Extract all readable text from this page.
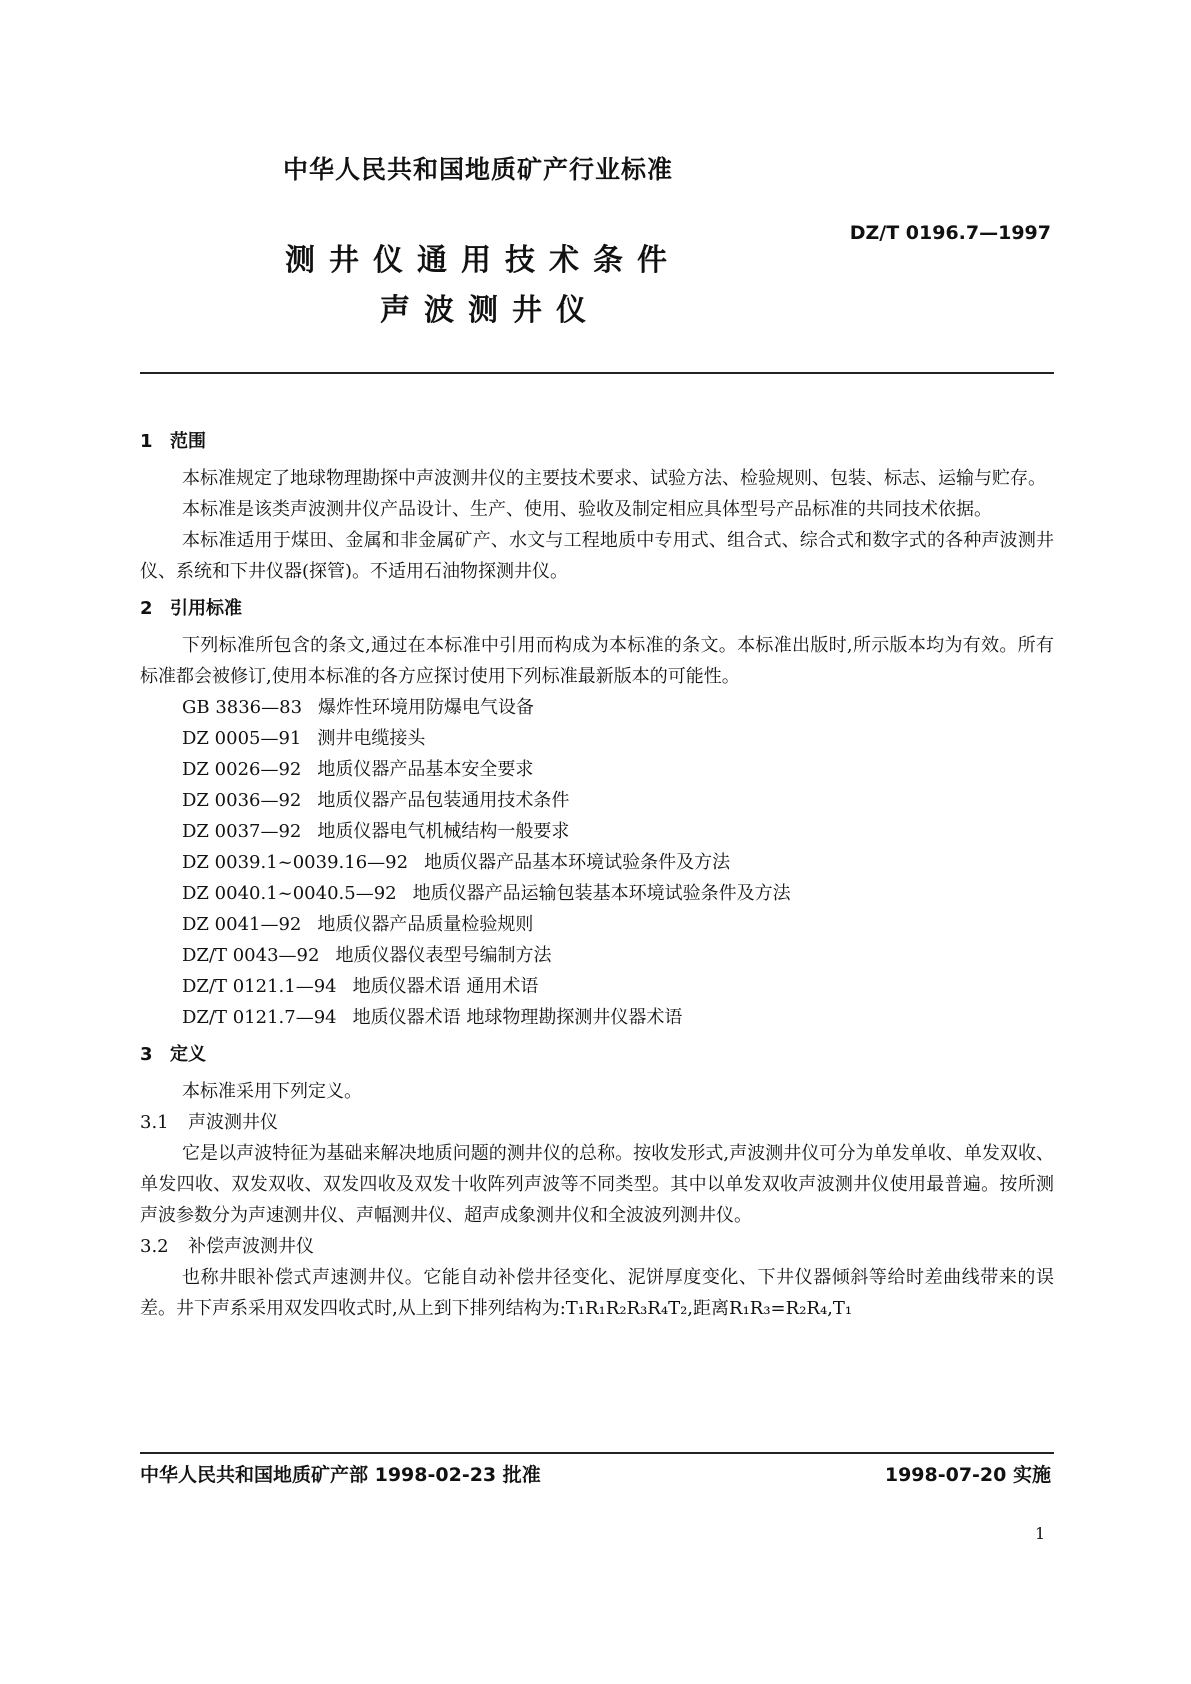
中华人民共和国地质矿产行业标准
DZ/T 0196.7—1997
测井仪通用技术条件
声波测井仪
1 范围

本标准规定了地球物理勘探中声波测井仪的主要技术要求、试验方法、检验规则、包装、标志、运输与贮存。

本标准是该类声波测井仪产品设计、生产、使用、验收及制定相应具体型号产品标准的共同技术依据。

本标准适用于煤田、金属和非金属矿产、水文与工程地质中专用式、组合式、综合式和数字式的各种声波测井仪、系统和下井仪器(探管)。不适用石油物探测井仪。

2 引用标准

下列标准所包含的条文,通过在本标准中引用而构成为本标准的条文。本标准出版时,所示版本均为有效。所有标准都会被修订,使用本标准的各方应探讨使用下列标准最新版本的可能性。

GB 3836—83 爆炸性环境用防爆电气设备

DZ 0005—91 测井电缆接头

DZ 0026—92 地质仪器产品基本安全要求

DZ 0036—92 地质仪器产品包装通用技术条件

DZ 0037—92 地质仪器电气机械结构一般要求

DZ 0039.1~0039.16—92 地质仪器产品基本环境试验条件及方法

DZ 0040.1~0040.5—92 地质仪器产品运输包装基本环境试验条件及方法

DZ 0041—92 地质仪器产品质量检验规则

DZ/T 0043—92 地质仪器仪表型号编制方法

DZ/T 0121.1—94 地质仪器术语 通用术语

DZ/T 0121.7—94 地质仪器术语 地球物理勘探测井仪器术语

3 定义

本标准采用下列定义。

3.1 声波测井仪

它是以声波特征为基础来解决地质问题的测井仪的总称。按收发形式,声波测井仪可分为单发单收、单发双收、单发四收、双发双收、双发四收及双发十收阵列声波等不同类型。其中以单发双收声波测井仪使用最普遍。按所测声波参数分为声速测井仪、声幅测井仪、超声成象测井仪和全波波列测井仪。

3.2 补偿声波测井仪

也称井眼补偿式声速测井仪。它能自动补偿井径变化、泥饼厚度变化、下井仪器倾斜等给时差曲线带来的误差。井下声系采用双发四收式时,从上到下排列结构为:T₁R₁R₂R₃R₄T₂,距离R₁R₃=R₂R₄,T₁

中华人民共和国地质矿产部 1998-02-23 批准	1998-07-20 实施
1
